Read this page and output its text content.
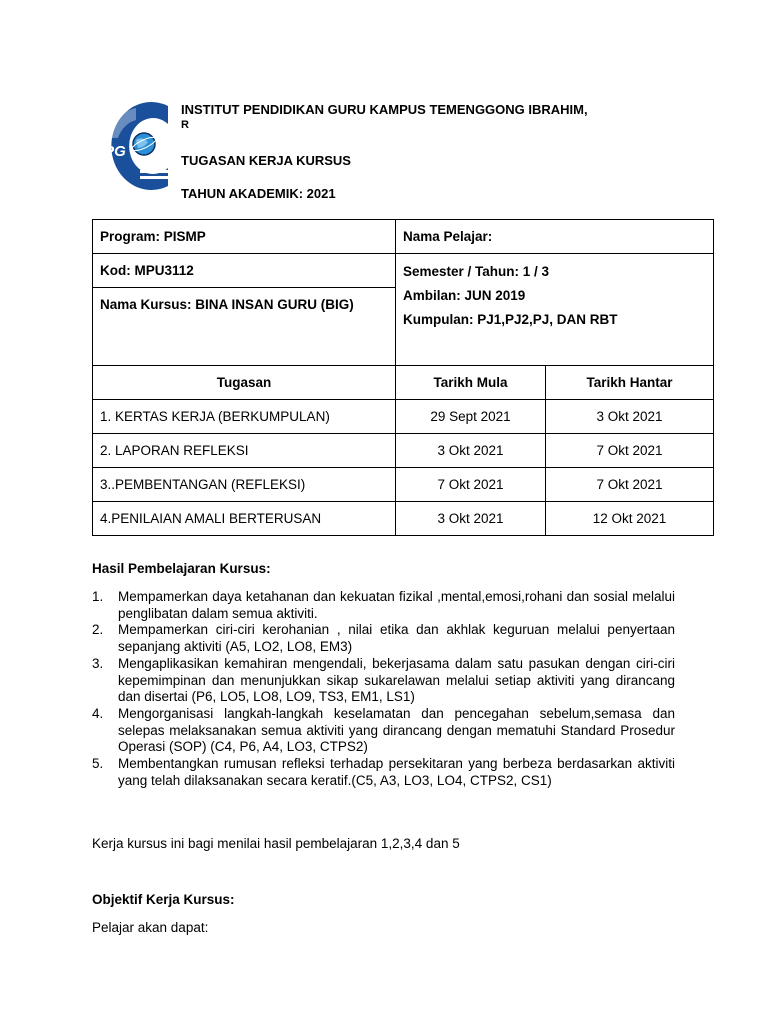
IPG
INSTITUT PENDIDIKAN GURU KAMPUS TEMENGGONG IBRAHIM,
R
TUGASAN KERJA KURSUS
TAHUN AKADEMIK: 2021
Program: PISMP	Nama Pelajar:

Kod: MPU3112	Semester / Tahun: 1 / 3
Ambilan: JUN 2019
Kumpulan: PJ1,PJ2,PJ, DAN RBT

Nama Kursus: BINA INSAN GURU (BIG)	
Tugasan	Tarikh Mula	Tarikh Hantar
1. KERTAS KERJA (BERKUMPULAN)	29 Sept 2021	3 Okt 2021
2. LAPORAN REFLEKSI	3 Okt 2021	7 Okt 2021
3..PEMBENTANGAN (REFLEKSI)	7 Okt 2021	7 Okt 2021
4.PENILAIAN AMALI BERTERUSAN	3 Okt 2021	12 Okt 2021
Hasil Pembelajaran Kursus:
1. Mempamerkan daya ketahanan dan kekuatan fizikal ,mental,emosi,rohani dan sosial melalui penglibatan dalam semua aktiviti.
2. Mempamerkan ciri-ciri kerohanian , nilai etika dan akhlak keguruan melalui penyertaan sepanjang aktiviti (A5, LO2, LO8, EM3)
3. Mengaplikasikan kemahiran mengendali, bekerjasama dalam satu pasukan dengan ciri-ciri kepemimpinan dan menunjukkan sikap sukarelawan melalui setiap aktiviti yang dirancang dan disertai (P6, LO5, LO8, LO9, TS3, EM1, LS1)
4. Mengorganisasi langkah-langkah keselamatan dan pencegahan sebelum,semasa dan selepas melaksanakan semua aktiviti yang dirancang dengan mematuhi Standard Prosedur Operasi (SOP) (C4, P6, A4, LO3, CTPS2)
5. Membentangkan rumusan refleksi terhadap persekitaran yang berbeza berdasarkan aktiviti yang telah dilaksanakan secara keratif.(C5, A3, LO3, LO4, CTPS2, CS1)
Kerja kursus ini bagi menilai hasil pembelajaran 1,2,3,4 dan 5
Objektif Kerja Kursus:
Pelajar akan dapat:
